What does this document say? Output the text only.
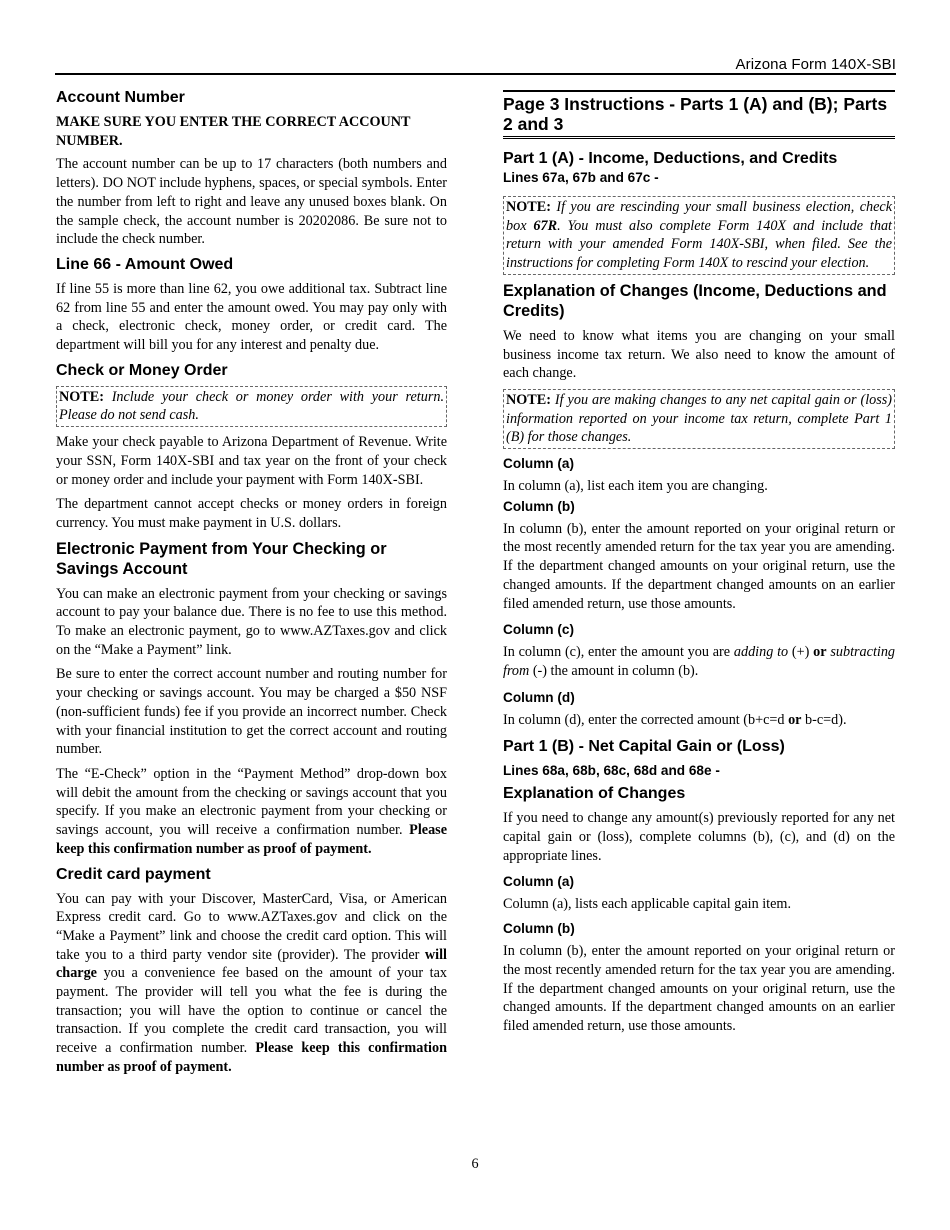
Arizona Form 140X-SBI
Account Number
MAKE SURE YOU ENTER THE CORRECT ACCOUNT NUMBER.

The account number can be up to 17 characters (both numbers and letters). DO NOT include hyphens, spaces, or special symbols. Enter the number from left to right and leave any unused boxes blank. On the sample check, the account number is 20202086. Be sure not to include the check number.

Line 66 - Amount Owed

If line 55 is more than line 62, you owe additional tax. Subtract line 62 from line 55 and enter the amount owed. You may pay only with a check, electronic check, money order, or credit card. The department will bill you for any interest and penalty due.

Check or Money Order
NOTE: Include your check or money order with your return. Please do not send cash.

Make your check payable to Arizona Department of Revenue. Write your SSN, Form 140X-SBI and tax year on the front of your check or money order and include your payment with Form 140X-SBI.

The department cannot accept checks or money orders in foreign currency. You must make payment in U.S. dollars.

Electronic Payment from Your Checking or Savings Account

You can make an electronic payment from your checking or savings account to pay your balance due. There is no fee to use this method. To make an electronic payment, go to www.AZTaxes.gov and click on the “Make a Payment” link.

Be sure to enter the correct account number and routing number for your checking or savings account. You may be charged a $50 NSF (non-sufficient funds) fee if you provide an incorrect number. Check with your financial institution to get the correct account and routing number.

The “E-Check” option in the “Payment Method” drop-down box will debit the amount from the checking or savings account that you specify. If you make an electronic payment from your checking or savings account, you will receive a confirmation number. Please keep this confirmation number as proof of payment.

Credit card payment

You can pay with your Discover, MasterCard, Visa, or American Express credit card. Go to www.AZTaxes.gov and click on the “Make a Payment” link and choose the credit card option. This will take you to a third party vendor site (provider). The provider will charge you a convenience fee based on the amount of your tax payment. The provider will tell you what the fee is during the transaction; you will have the option to continue or cancel the transaction. If you complete the credit card transaction, you will receive a confirmation number. Please keep this confirmation number as proof of payment.

Page 3 Instructions - Parts 1 (A) and (B); Parts 2 and 3
Part 1 (A) - Income, Deductions, and Credits
Lines 67a, 67b and 67c -
NOTE: If you are rescinding your small business election, check box 67R. You must also complete Form 140X and include that return with your amended Form 140X-SBI, when filed. See the instructions for completing Form 140X to rescind your election.
Explanation of Changes (Income, Deductions and Credits)

We need to know what items you are changing on your small business income tax return. We also need to know the amount of each change.

NOTE: If you are making changes to any net capital gain or (loss) information reported on your income tax return, complete Part 1 (B) for those changes.
Column (a)

In column (a), list each item you are changing.

Column (b)

In column (b), enter the amount reported on your original return or the most recently amended return for the tax year you are amending. If the department changed amounts on your original return, use the changed amounts. If the department changed amounts on an earlier filed amended return, use those amounts.

Column (c)

In column (c), enter the amount you are adding to (+) or subtracting from (-) the amount in column (b).

Column (d)

In column (d), enter the corrected amount (b+c=d or b-c=d).

Part 1 (B) - Net Capital Gain or (Loss)
Lines 68a, 68b, 68c, 68d and 68e -
Explanation of Changes

If you need to change any amount(s) previously reported for any net capital gain or (loss), complete columns (b), (c), and (d) on the appropriate lines.

Column (a)

Column (a), lists each applicable capital gain item.

Column (b)

In column (b), enter the amount reported on your original return or the most recently amended return for the tax year you are amending. If the department changed amounts on your original return, use the changed amounts. If the department changed amounts on an earlier filed amended return, use those amounts.

6
